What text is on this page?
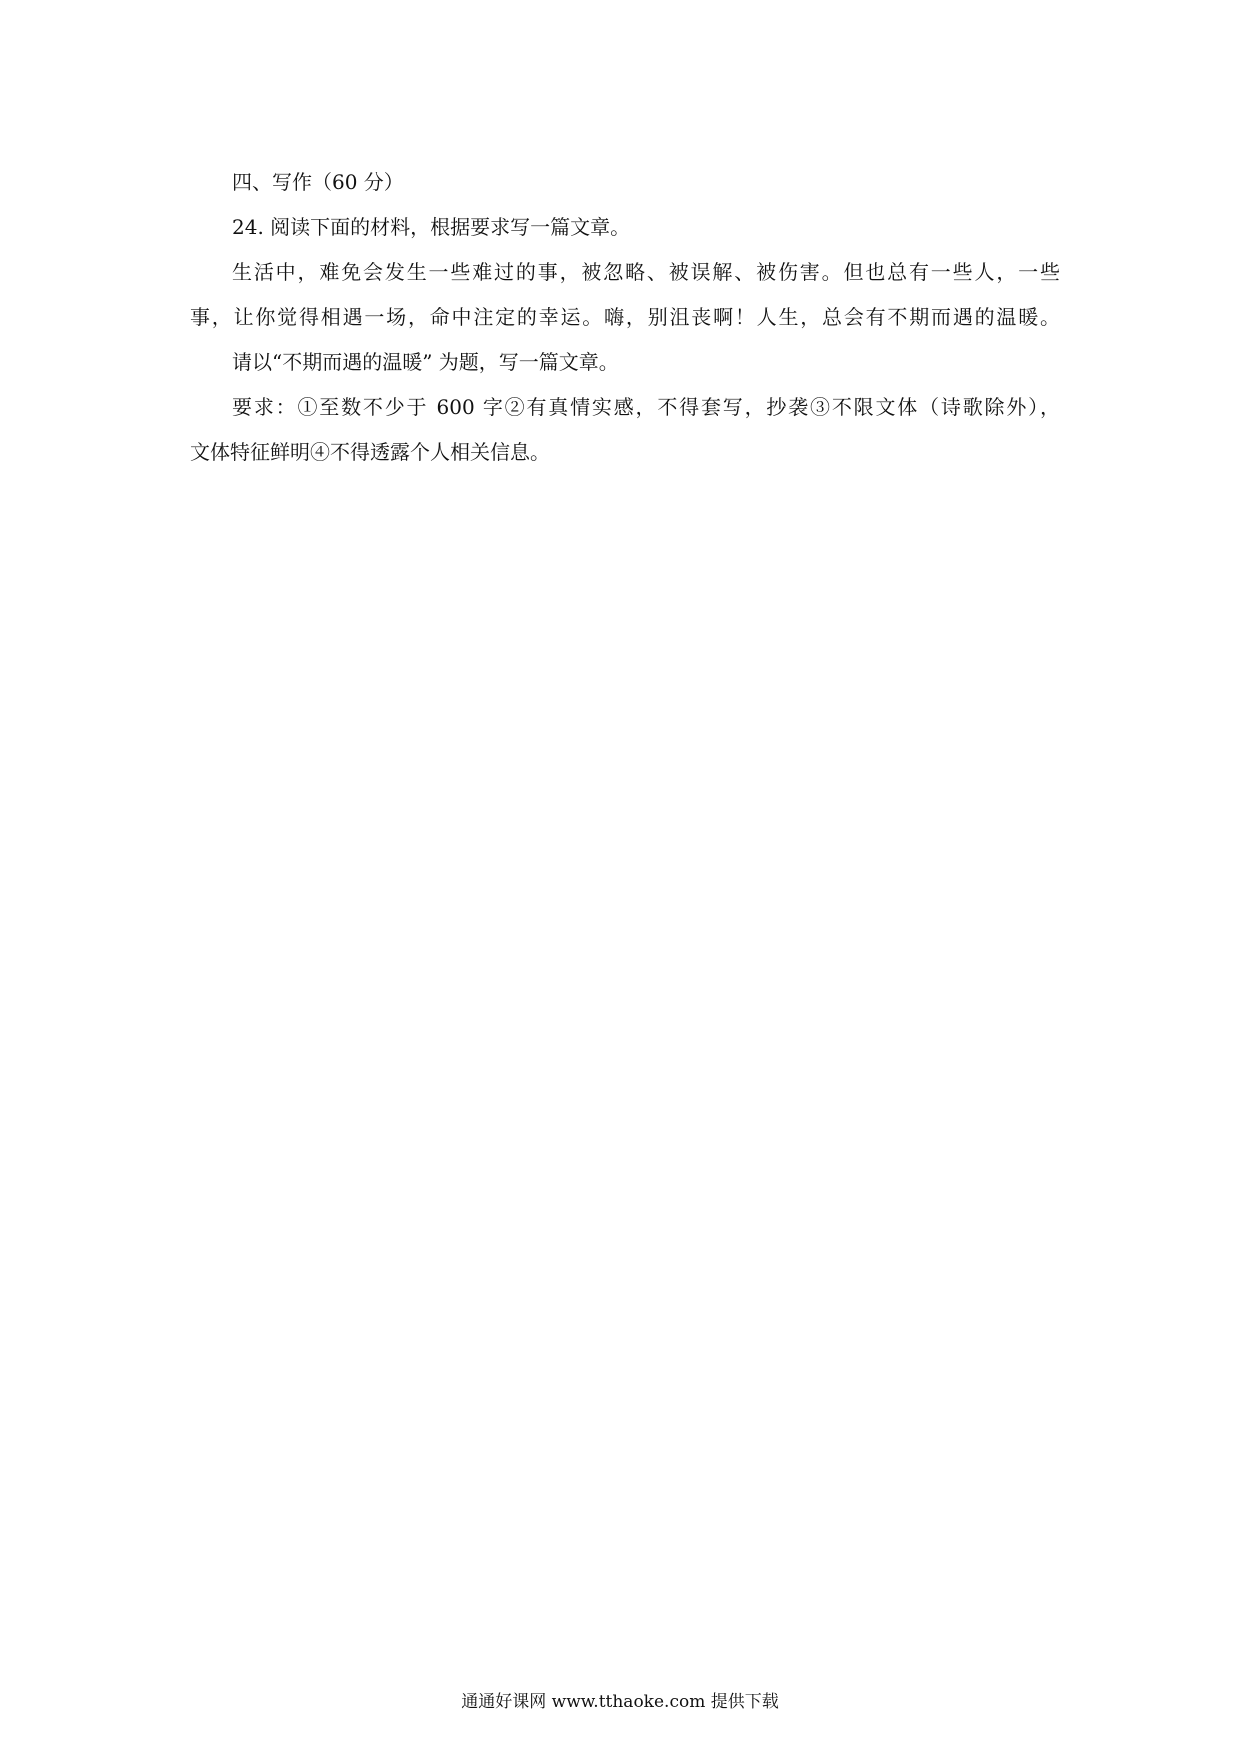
四、写作（60 分）
24. 阅读下面的材料，根据要求写一篇文章。
生活中，难免会发生一些难过的事，被忽略、被误解、被伤害。但也总有一些人，一些
事，让你觉得相遇一场，命中注定的幸运。嗨，别沮丧啊！人生，总会有不期而遇的温暖。
请以“不期而遇的温暖” 为题，写一篇文章。
要求：①至数不少于 600 字②有真情实感，不得套写，抄袭③不限文体（诗歌除外），
文体特征鲜明④不得透露个人相关信息。
通通好课网 www.tthaoke.com 提供下载
